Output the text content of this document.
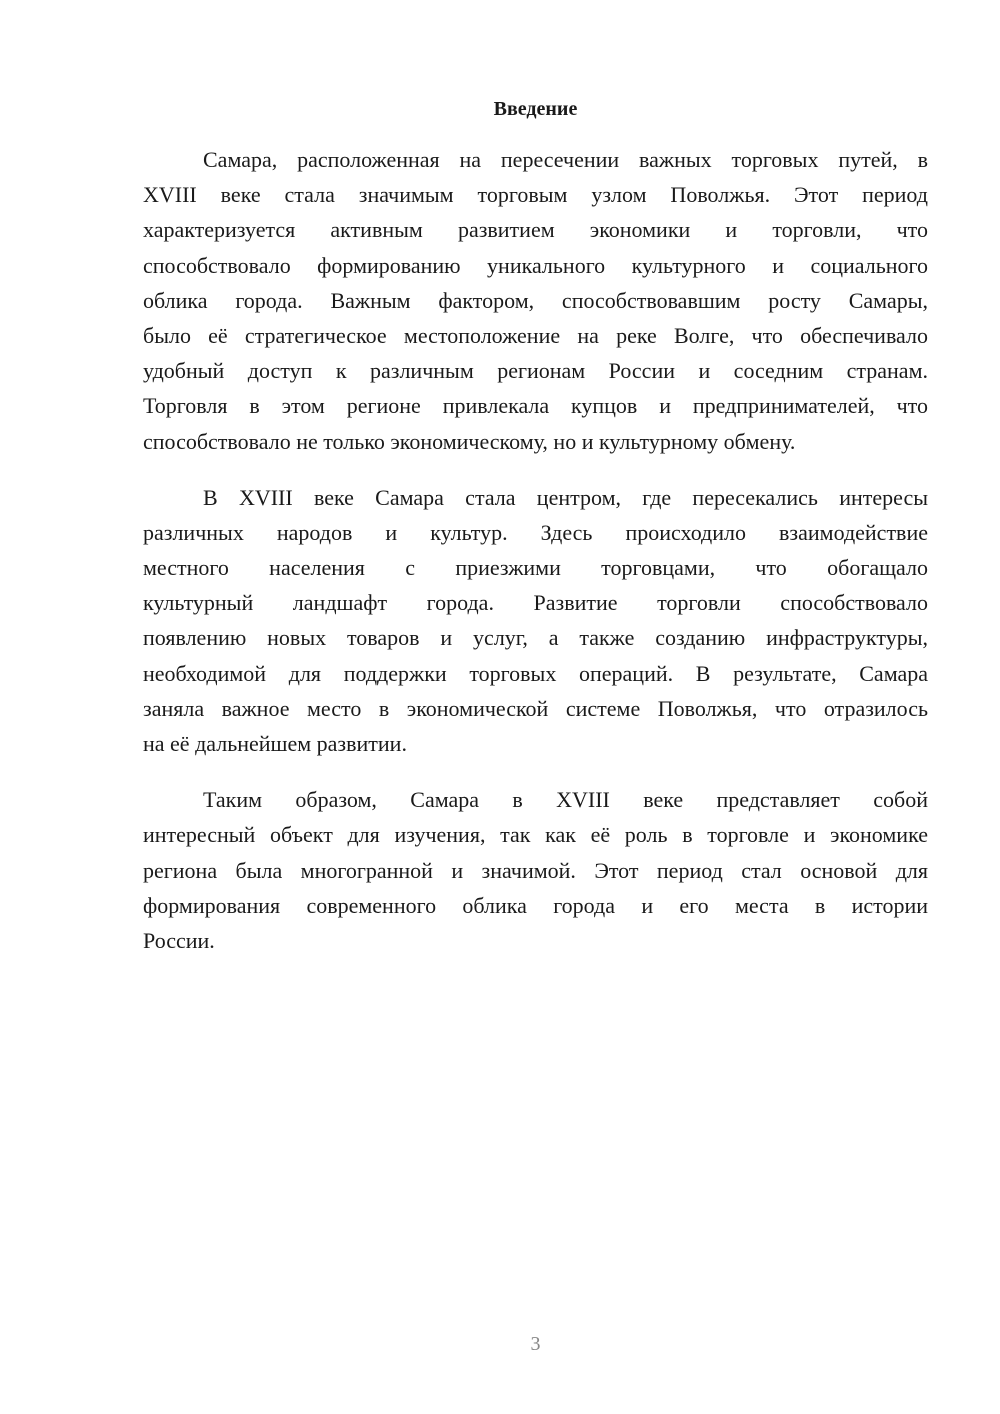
Введение
Самара, расположенная на пересечении важных торговых путей, в
XVIII веке стала значимым торговым узлом Поволжья. Этот период
характеризуется активным развитием экономики и торговли, что
способствовало формированию уникального культурного и социального
облика города. Важным фактором, способствовавшим росту Самары,
было её стратегическое местоположение на реке Волге, что обеспечивало
удобный доступ к различным регионам России и соседним странам.
Торговля в этом регионе привлекала купцов и предпринимателей, что
способствовало не только экономическому, но и культурному обмену.
В XVIII веке Самара стала центром, где пересекались интересы
различных народов и культур. Здесь происходило взаимодействие
местного населения с приезжими торговцами, что обогащало
культурный ландшафт города. Развитие торговли способствовало
появлению новых товаров и услуг, а также созданию инфраструктуры,
необходимой для поддержки торговых операций. В результате, Самара
заняла важное место в экономической системе Поволжья, что отразилось
на её дальнейшем развитии.
Таким образом, Самара в XVIII веке представляет собой
интересный объект для изучения, так как её роль в торговле и экономике
региона была многогранной и значимой. Этот период стал основой для
формирования современного облика города и его места в истории
России.
3
